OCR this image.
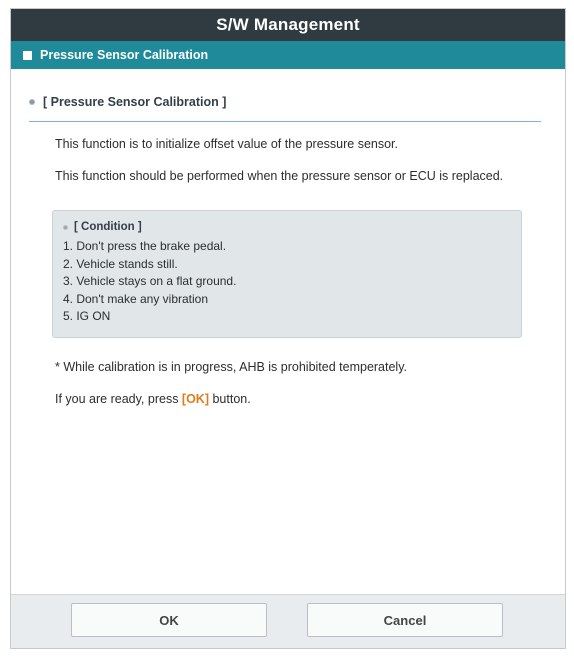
S/W Management
Pressure Sensor Calibration
[ Pressure Sensor Calibration ]

This function is to initialize offset value of the pressure sensor.

This function should be performed when the pressure sensor or ECU is replaced.

[ Condition ]
1. Don't press the brake pedal.
2. Vehicle stands still.
3. Vehicle stays on a flat ground.
4. Don't make any vibration
5. IG ON

* While calibration is in progress, AHB is prohibited temperately.

If you are ready, press [OK] button.

OK	Cancel
